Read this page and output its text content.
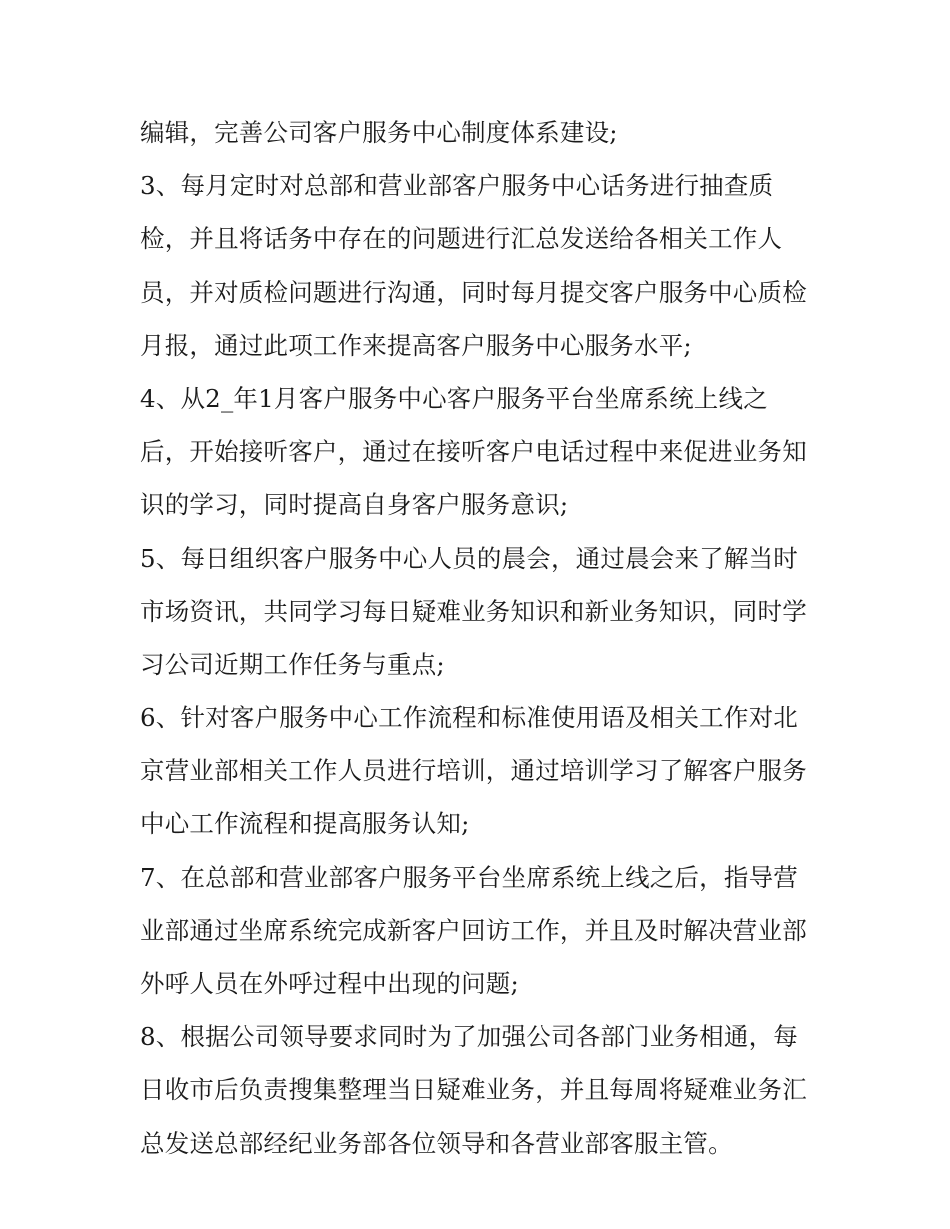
编辑，完善公司客户服务中心制度体系建设;
3、每月定时对总部和营业部客户服务中心话务进行抽查质
检，并且将话务中存在的问题进行汇总发送给各相关工作人
员，并对质检问题进行沟通，同时每月提交客户服务中心质检
月报，通过此项工作来提高客户服务中心服务水平;
4、从2_年1月客户服务中心客户服务平台坐席系统上线之
后，开始接听客户，通过在接听客户电话过程中来促进业务知
识的学习，同时提高自身客户服务意识;
5、每日组织客户服务中心人员的晨会，通过晨会来了解当时
市场资讯，共同学习每日疑难业务知识和新业务知识，同时学
习公司近期工作任务与重点;
6、针对客户服务中心工作流程和标准使用语及相关工作对北
京营业部相关工作人员进行培训，通过培训学习了解客户服务
中心工作流程和提高服务认知;
7、在总部和营业部客户服务平台坐席系统上线之后，指导营
业部通过坐席系统完成新客户回访工作，并且及时解决营业部
外呼人员在外呼过程中出现的问题;
8、根据公司领导要求同时为了加强公司各部门业务相通，每
日收市后负责搜集整理当日疑难业务，并且每周将疑难业务汇
总发送总部经纪业务部各位领导和各营业部客服主管。
